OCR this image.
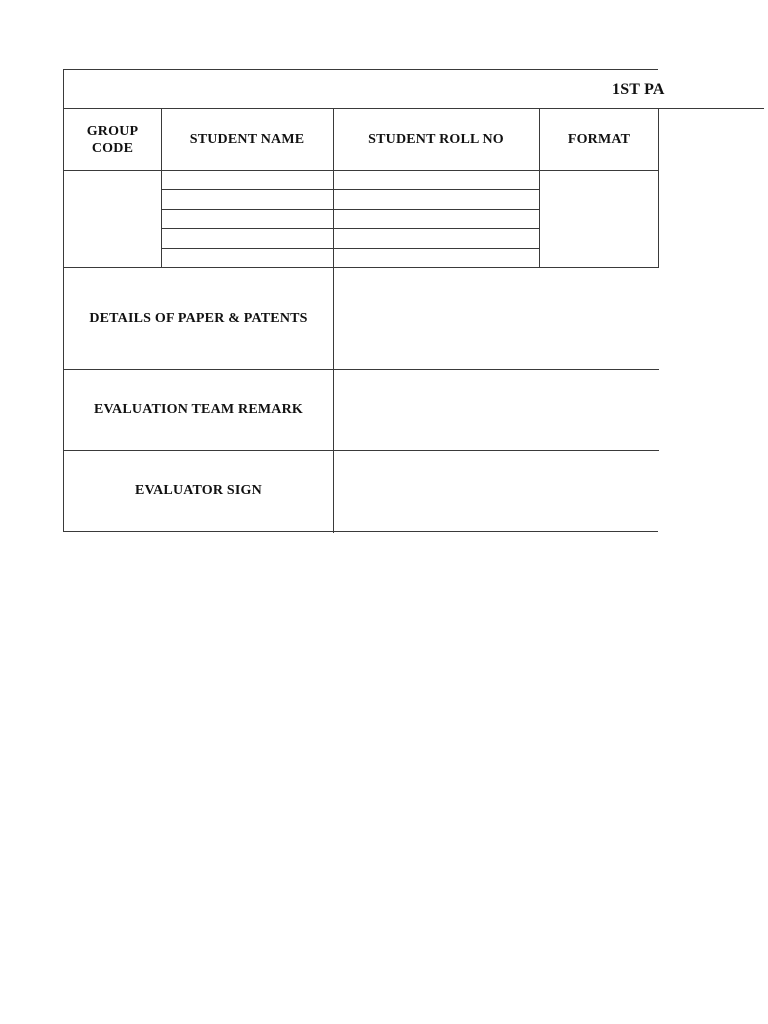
1ST PA
GROUP CODE
STUDENT NAME	STUDENT ROLL NO	FORMAT
DETAILS OF PAPER & PATENTS
EVALUATION TEAM REMARK
EVALUATOR SIGN
